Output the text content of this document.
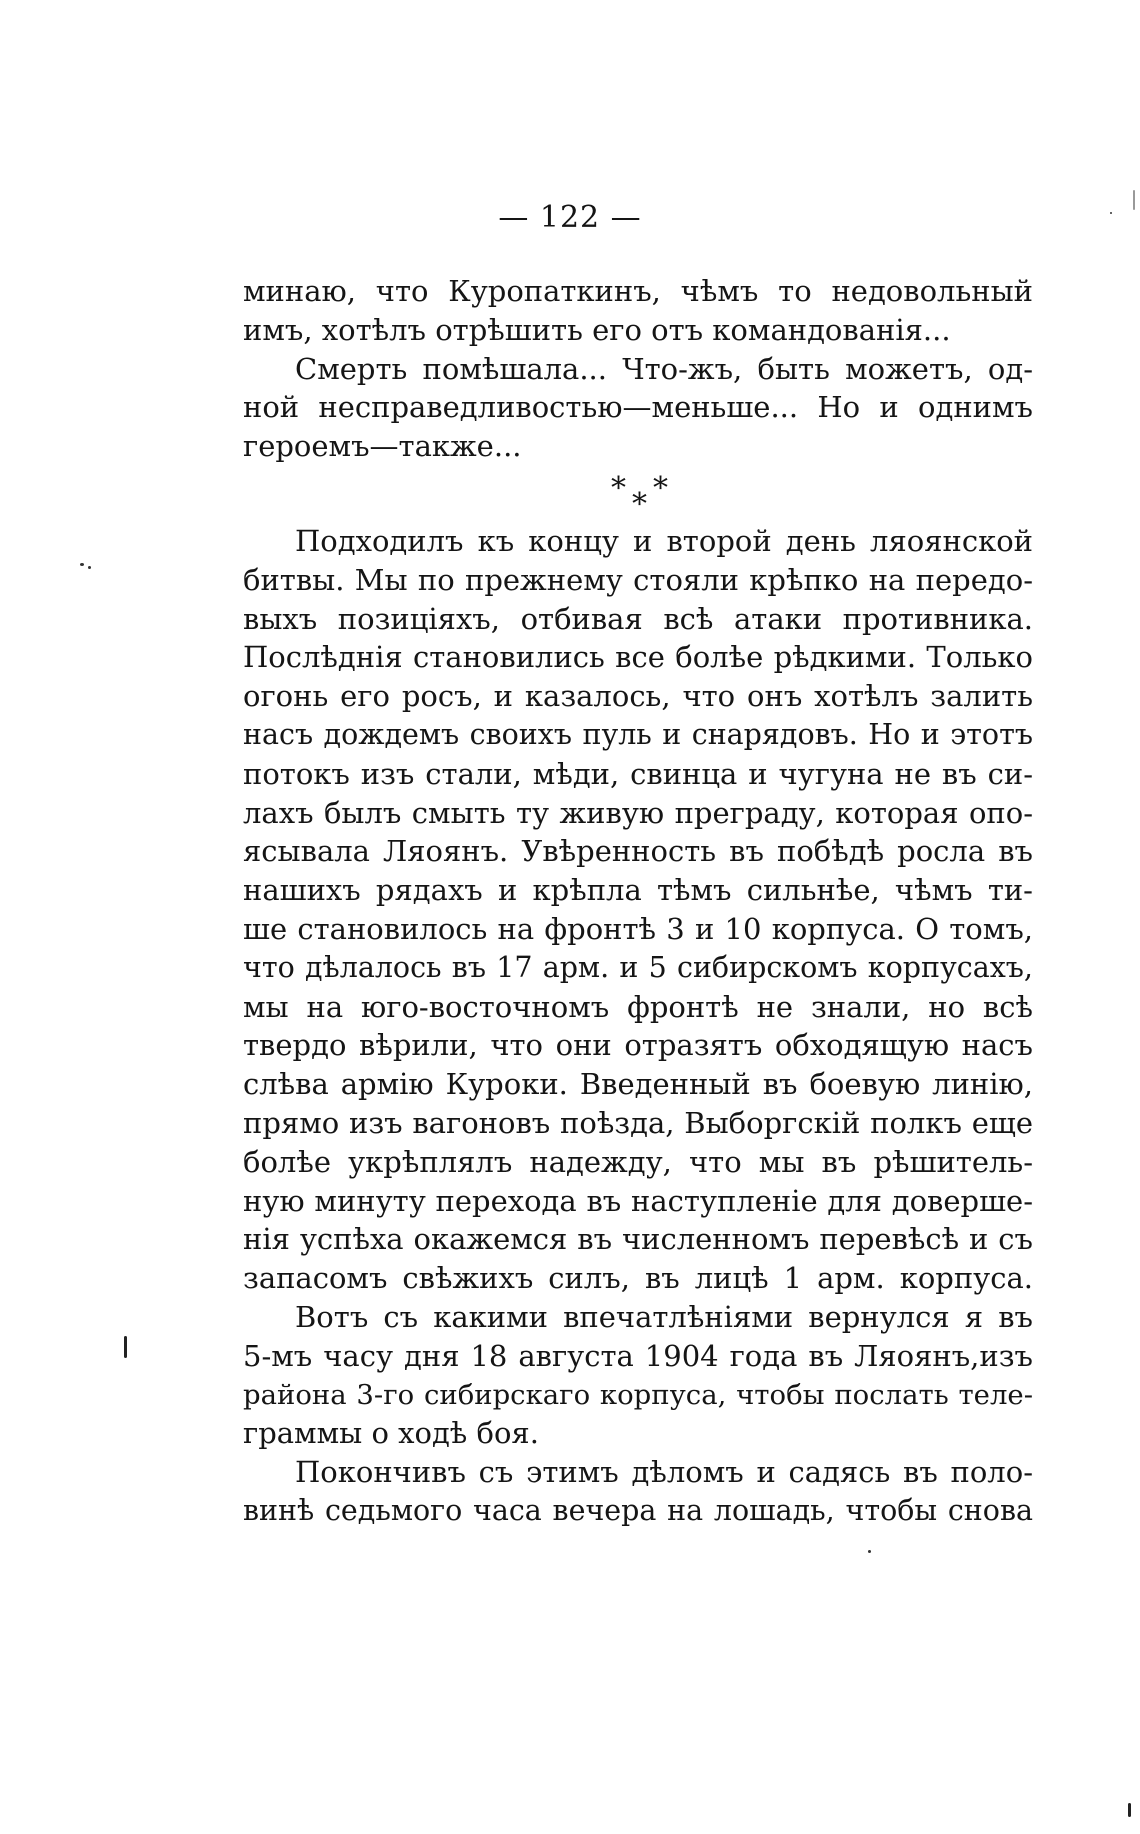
— 122 —
минаю, что Куропаткинъ, чѣмъ то недовольный
имъ, хотѣлъ отрѣшить его отъ командованія...
Смерть помѣшала... Что-жъ, быть можетъ, од-
ной несправедливостью—меньше... Но и однимъ
героемъ—также...
* *
*
Подходилъ къ концу и второй день ляоянской
битвы. Мы по прежнему стояли крѣпко на передо-
выхъ позиціяхъ, отбивая всѣ атаки противника.
Послѣднія становились все болѣе рѣдкими. Только
огонь его росъ, и казалось, что онъ хотѣлъ залить
насъ дождемъ своихъ пуль и снарядовъ. Но и этотъ
потокъ изъ стали, мѣди, свинца и чугуна не въ си-
лахъ былъ смыть ту живую преграду, которая опо-
ясывала Ляоянъ. Увѣренность въ побѣдѣ росла въ
нашихъ рядахъ и крѣпла тѣмъ сильнѣе, чѣмъ ти-
ше становилось на фронтѣ 3 и 10 корпуса. О томъ,
что дѣлалось въ 17 арм. и 5 сибирскомъ корпусахъ,
мы на юго-восточномъ фронтѣ не знали, но всѣ
твердо вѣрили, что они отразятъ обходящую насъ
слѣва армію Куроки. Введенный въ боевую линію,
прямо изъ вагоновъ поѣзда, Выборгскій полкъ еще
болѣе укрѣплялъ надежду, что мы въ рѣшитель-
ную минуту перехода въ наступленіе для доверше-
нія успѣха окажемся въ численномъ перевѣсѣ и съ
запасомъ свѣжихъ силъ, въ лицѣ 1 арм. корпуса.
Вотъ съ какими впечатлѣніями вернулся я въ
5-мъ часу дня 18 августа 1904 года въ Ляоянъ,изъ
района 3-го сибирскаго корпуса, чтобы послать теле-
граммы о ходѣ боя.
Покончивъ съ этимъ дѣломъ и садясь въ поло-
винѣ седьмого часа вечера на лошадь, чтобы снова
